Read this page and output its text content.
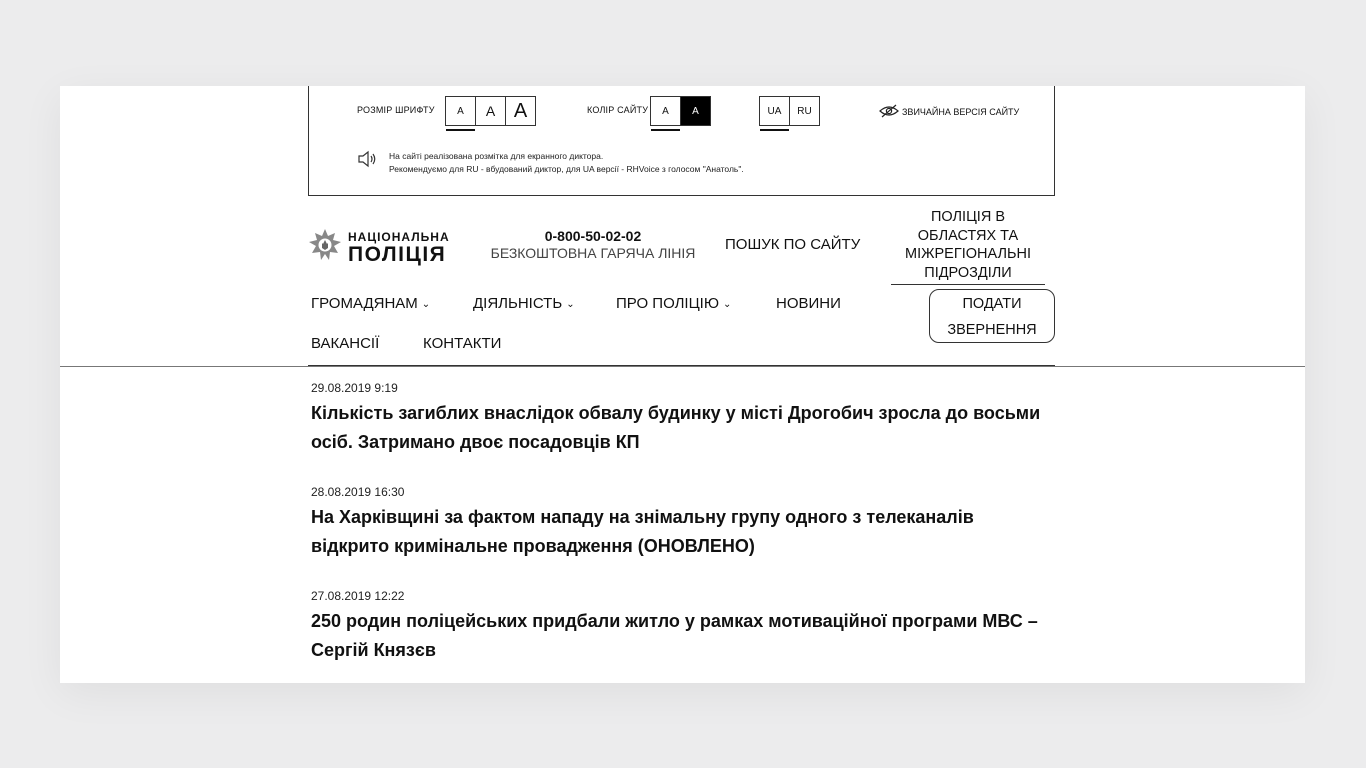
РОЗМІР ШРИФТУ	A	A A	КОЛІР САЙТУ	A	A	UA	RU	ЗВИЧАЙНА ВЕРСІЯ САЙТУ
На сайті реалізована розмітка для екранного диктора.
Рекомендуємо для RU - вбудований диктор, для UA версії - RHVoice з голосом "Анатоль".
НАЦІОНАЛЬНА
ПОЛІЦІЯ
0-800-50-02-02
БЕЗКОШТОВНА ГАРЯЧА ЛІНІЯ	ПОШУК ПО САЙТУ
ПОЛІЦІЯ В ОБЛАСТЯХ ТА МІЖРЕГІОНАЛЬНІ ПІДРОЗДІЛИ
ГРОМАДЯНАМ ⌄	ДІЯЛЬНІСТЬ ⌄	ПРО ПОЛІЦІЮ ⌄	НОВИНИ
ВАКАНСІЇ	КОНТАКТИ
ПОДАТИ
ЗВЕРНЕННЯ
29.08.2019 9:19
Кількість загиблих внаслідок обвалу будинку у місті Дрогобич зросла до восьми осіб. Затримано двоє посадовців КП
28.08.2019 16:30
На Харківщині за фактом нападу на знімальну групу одного з телеканалів відкрито кримінальне провадження (ОНОВЛЕНО)
27.08.2019 12:22
250 родин поліцейських придбали житло у рамках мотиваційної програми МВС – Сергій Князєв
